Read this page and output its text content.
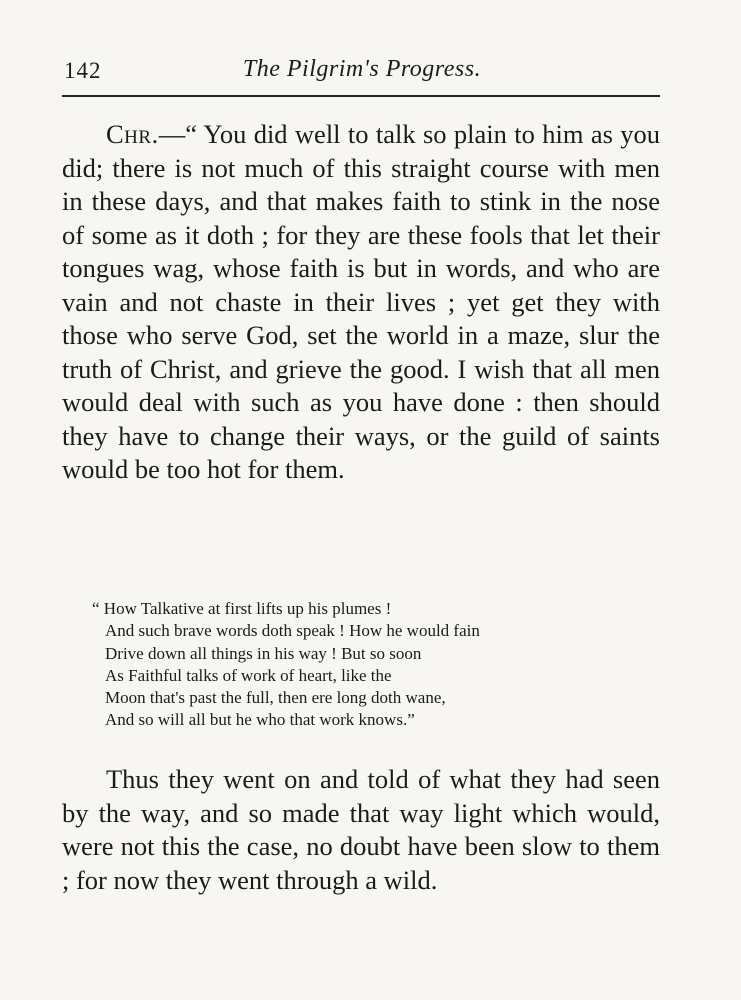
142	The Pilgrim's Progress.

Chr.—“ You did well to talk so plain to him as you did; there is not much of this straight course with men in these days, and that makes faith to stink in the nose of some as it doth ; for they are these fools that let their tongues wag, whose faith is but in words, and who are vain and not chaste in their lives ; yet get they with those who serve God, set the world in a maze, slur the truth of Christ, and grieve the good. I wish that all men would deal with such as you have done : then should they have to change their ways, or the guild of saints would be too hot for them.

“ How Talkative at first lifts up his plumes !
And such brave words doth speak ! How he would fain
Drive down all things in his way ! But so soon
As Faithful talks of work of heart, like the
Moon that's past the full, then ere long doth wane,
And so will all but he who that work knows.”

Thus they went on and told of what they had seen by the way, and so made that way light which would, were not this the case, no doubt have been slow to them ; for now they went through a wild.
